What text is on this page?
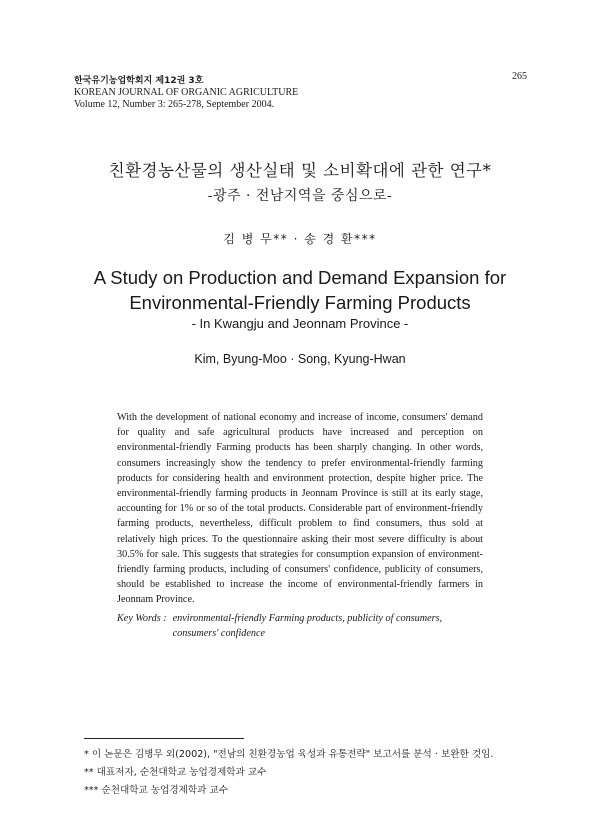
한국유기농업학회지 제12권 3호
KOREAN JOURNAL OF ORGANIC AGRICULTURE
Volume 12, Number 3: 265-278, September 2004.
265
친환경농산물의 생산실태 및 소비확대에 관한 연구*
-광주 · 전남지역을 중심으로-
김 병 무** · 송 경 환***
A Study on Production and Demand Expansion for
Environmental-Friendly Farming Products
- In Kwangju and Jeonnam Province -
Kim, Byung-Moo · Song, Kyung-Hwan

With the development of national economy and increase of income, consumers' demand for quality and safe agricultural products have increased and perception on environmental-friendly Farming products has been sharply changing. In other words, consumers increasingly show the tendency to prefer environmental-friendly farming products for considering health and environment protection, despite higher price. The environmental-friendly farming products in Jeonnam Province is still at its early stage, accounting for 1% or so of the total products. Considerable part of environment-friendly farming products, nevertheless, difficult problem to find consumers, thus sold at relatively high prices. To the questionnaire asking their most severe difficulty is about 30.5% for sale. This suggests that strategies for consumption expansion of environment-friendly farming products, including of consumers' confidence, publicity of consumers, should be established to increase the income of environmental-friendly farmers in Jeonnam Province.

Key Words : environmental-friendly Farming products, publicity of consumers, consumers' confidence
* 이 논문은 김병무 외(2002), "전남의 친환경농업 육성과 유통전략" 보고서를 분석 · 보완한 것임.
** 대표저자, 순천대학교 농업경제학과 교수
*** 순천대학교 농업경제학과 교수
